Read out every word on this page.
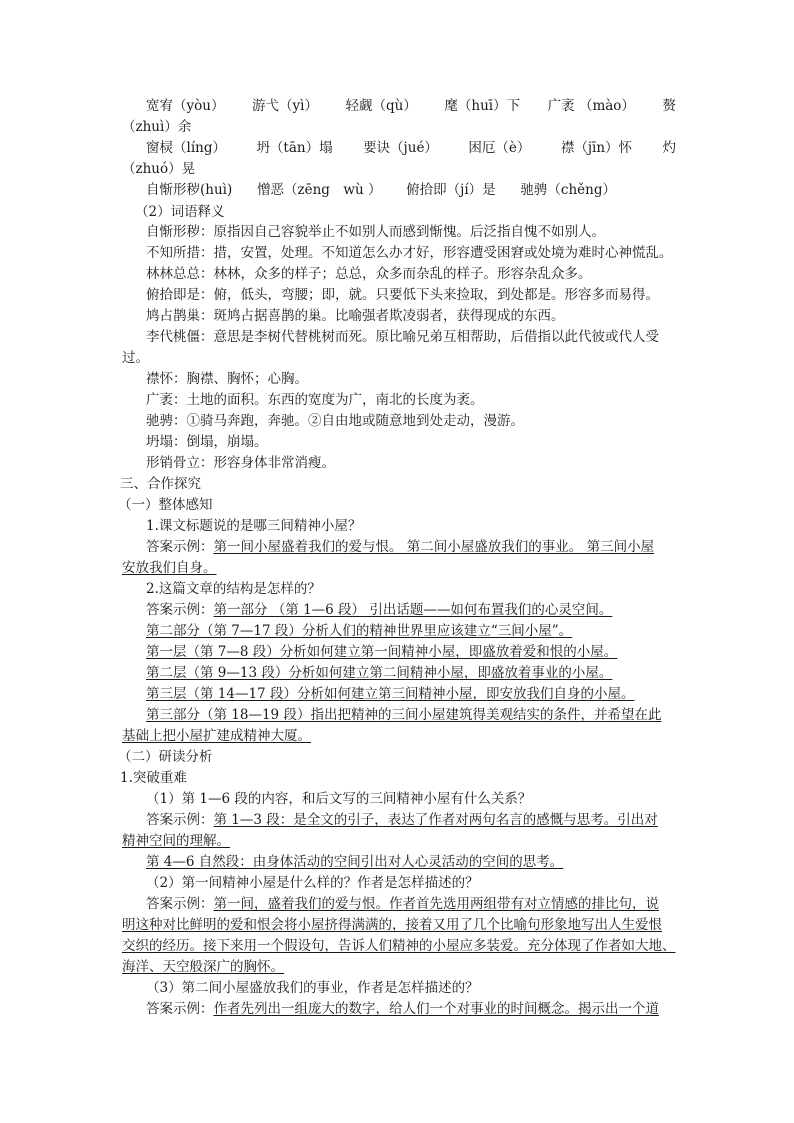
宽宥（yòu） 游弋（yì） 轻觑（qù） 麾（huī）下 广袤 （mào） 赘
（zhuì）余
窗棂（líng） 坍（tān）塌 要诀（jué） 困厄（è） 襟（jīn）怀 灼
（zhuó）晃
自惭形秽(huì) 憎恶（zēng　wù ） 俯拾即（jí）是 驰骋（chěng）
（2）词语释义
自惭形秽：原指因自己容貌举止不如别人而感到惭愧。后泛指自愧不如别人。
不知所措：措，安置，处理。不知道怎么办才好，形容遭受困窘或处境为难时心神慌乱。
林林总总：林林，众多的样子；总总，众多而杂乱的样子。形容杂乱众多。
俯拾即是：俯，低头，弯腰；即，就。只要低下头来捡取，到处都是。形容多而易得。
鸠占鹊巢：斑鸠占据喜鹊的巢。比喻强者欺凌弱者，获得现成的东西。
李代桃僵：意思是李树代替桃树而死。原比喻兄弟互相帮助，后借指以此代彼或代人受
过。
襟怀：胸襟、胸怀；心胸。
广袤：土地的面积。东西的宽度为广，南北的长度为袤。
驰骋：①骑马奔跑，奔驰。②自由地或随意地到处走动，漫游。
坍塌：倒塌，崩塌。
形销骨立：形容身体非常消瘦。
三、合作探究
（一）整体感知
1.课文标题说的是哪三间精神小屋？
答案示例：第一间小屋盛着我们的爱与恨。 第二间小屋盛放我们的事业。 第三间小屋
安放我们自身。
2.这篇文章的结构是怎样的？
答案示例：第一部分 （第 1—6 段） 引出话题——如何布置我们的心灵空间。
第二部分（第 7—17 段）分析人们的精神世界里应该建立“三间小屋”。
第一层（第 7—8 段）分析如何建立第一间精神小屋，即盛放着爱和恨的小屋。
第二层（第 9—13 段）分析如何建立第二间精神小屋，即盛放着事业的小屋。
第三层（第 14—17 段）分析如何建立第三间精神小屋，即安放我们自身的小屋。
第三部分（第 18—19 段）指出把精神的三间小屋建筑得美观结实的条件，并希望在此
基础上把小屋扩建成精神大厦。
（二）研读分析
1.突破重难
（1）第 1—6 段的内容，和后文写的三间精神小屋有什么关系？
答案示例：第 1—3 段：是全文的引子，表达了作者对两句名言的感慨与思考。引出对
精神空间的理解。
第 4—6 自然段：由身体活动的空间引出对人心灵活动的空间的思考。
（2）第一间精神小屋是什么样的？作者是怎样描述的？
答案示例：第一间，盛着我们的爱与恨。作者首先选用两组带有对立情感的排比句，说
明这种对比鲜明的爱和恨会将小屋挤得满满的，接着又用了几个比喻句形象地写出人生爱恨
交织的经历。接下来用一个假设句，告诉人们精神的小屋应多装爱。充分体现了作者如大地、
海洋、天空般深广的胸怀。
（3）第二间小屋盛放我们的事业，作者是怎样描述的？
答案示例：作者先列出一组庞大的数字，给人们一个对事业的时间概念。揭示出一个道
